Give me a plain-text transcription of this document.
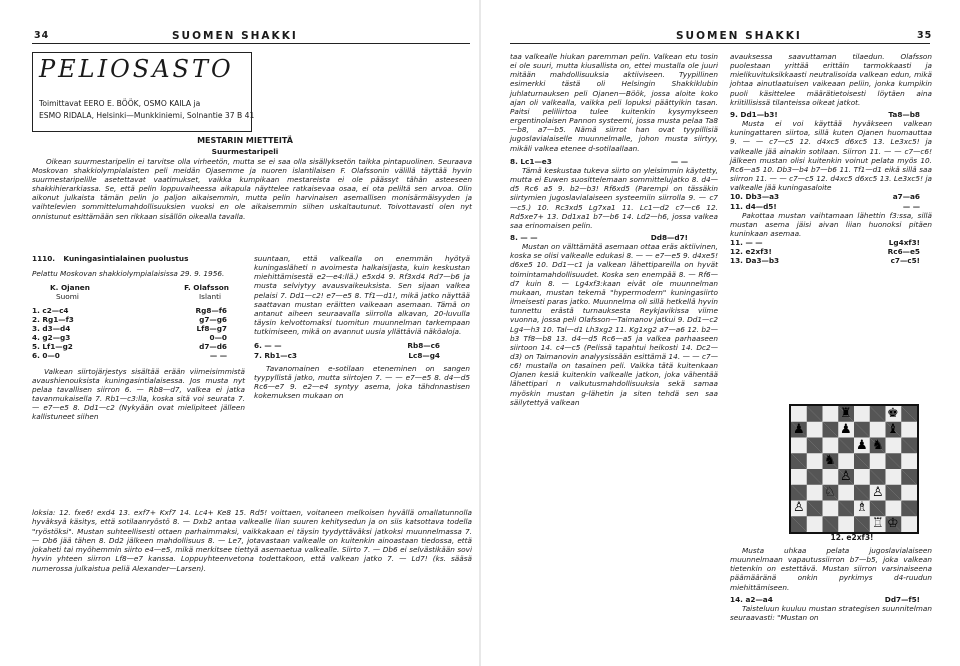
34	SUOMEN SHAKKI
PELIOSASTO
Toimittavat EERO E. BÖÖK, OSMO KAILA ja
ESMO RIDALA, Helsinki—Munkkiniemi, Solnantie 37 B 41
MESTARIN MIETTEITÄ
Suurmestaripeli
Oikean suurmestaripelin ei tarvitse olla virheetön, mutta se ei saa olla sisällyksetön taikka pintapuolinen. Seuraava Moskovan shakkiolympialaisten peli meidän Ojasemme ja nuoren islantilaisen F. Olafssonin välillä täyttää hyvin suurmestaripelille asetettavat vaatimukset, vaikka kumpikaan mestareista ei ole päässyt tähän asteeseen shakkihierarkiassa. Se, että pelin loppuvaiheessa aikapula näyttelee ratkaisevaa osaa, ei ota peliltä sen arvoa. Olin aikonut julkaista tämän pelin jo paljon aikaisemmin, mutta pelin harvinaisen asemallisen monisärmäisyyden ja vaihtelevien sommittelumahdollisuuksien vuoksi en ole aikaisemmin siihen uskaltautunut. Toivottavasti olen nyt onnistunut esittämään sen rikkaan sisällön oikealla tavalla.
1110. Kuningasintialainen puolustus

Pelattu Moskovan shakkiolympialaisissa 29. 9. 1956.

K. Ojanen	F. Olafsson
Suomi	Islanti
1. c2—c4	Rg8—f6
2. Rg1—f3	g7—g6
3. d3—d4	Lf8—g7
4. g2—g3	0—0
5. Lf1—g2	d7—d6
6. 0—0	— —

Valkean siirtojärjestys sisältää erään viimeisimmistä avaushienouksista kuningasintialaisessa. Jos musta nyt pelaa tavallisen siirron 6. — Rb8—d7, valkea ei jatka tavanmukaisella 7. Rb1—c3:lla, koska sitä voi seurata 7. — e7—e5 8. Dd1—c2 (Nykyään ovat mielipiteet jälleen kallistuneet siihen

suuntaan, että valkealla on enemmän hyötyä kuningasläheti n avoimesta halkaisijasta, kuin keskustan miehittämisestä e2—e4:llä.) e5xd4 9. Rf3xd4 Rd7—b6 ja musta selviytyy avausvaikeuksista. Sen sijaan valkea pelaisi 7. Dd1—c2! e7—e5 8. Tf1—d1!, mikä jatko näyttää saattavan mustan eräitten vaikeaan asemaan. Tämä on antanut aiheen seuraavalla siirrolla alkavan, 20-luvulla täysin kelvottomaksi tuomitun muunnelman tarkempaan tutkimiseen, mikä on avannut uusia yllättäviä näköaloja.

6. — —	Rb8—c6
7. Rb1—c3	Lc8—g4

Tavanomainen e-sotilaan eteneminen on sangen tyypyllistä jatko, mutta siirtojen 7. — — e7—e5 8. d4—d5 Rc6—e7 9. e2—e4 syntyy asema, joka tähdnnastisen kokemuksen mukaan on

loksia: 12. fxe6! exd4 13. exf7+ Kxf7 14. Lc4+ Ke8 15. Rd5! voittaen, voitaneen melkoisen hyvällä omallatunnolla hyväksyä käsitys, että sotilaanryöstö 8. — Dxb2 antaa valkealle liian suuren kehitysedun ja on siis katsottava todella "ryöstöksi". Mustan suhteellisesti ottaen parhaimmaksi, vaikkakaan ei täysin tyydyttäväksi jatkoksi muunnelmassa 7. — Db6 jää tähen 8. Dd2 jälkeen mahdollisuus 8. — Le7, jotavastaan valkealle on kuitenkin ainoastaan tiedossa, että jokaheti tai myöhemmin siirto e4—e5, mikä merkitsee tiettyä asemaetua valkealle. Siirto 7. — Db6 ei selvästikään sovi hyvin yhteen siirron Lf8—e7 kanssa. Loppuyhteenvetona todettakoon, että valkean jatko 7. — Ld7! (ks. sääsä numerossa julkaistua peliä Alexander—Larsen).

SUOMEN SHAKKI	35

taa valkealle hiukan paremman pelin. Valkean etu tosin ei ole suuri, mutta kiusallista on, ettei mustalla ole juuri mitään mahdollisuuksia aktiiviseen. Tyypillinen esimerkki tästä oli Helsingin Shakkiklubin juhlaturnauksen peli Ojanen—Böök, jossa aloite koko ajan oli valkealla, vaikka peli lopuksi päättyikin tasan. Paitsi peliliirtoa tulee kuitenkin kysymykseen ergentinolaisen Pannon systeemi, jossa musta pelaa Ta8—b8, a7—b5. Nämä siirrot han ovat tyypillisiä jugoslavialaiselle muunnelmalle, johon musta siirtyy, mikäli valkea etenee d-sotilaallaan.

8. Lc1—e3	— —

Tämä keskustaa tukeva siirto on yleisimmin käytetty, mutta ei Euwen suosittelemaan sommittelujatko 8. d4—d5 Rc6 a5 9. b2—b3! Rf6xd5 (Parempi on tässäkin siirtymien jugoslavialaiseen systeemiin siirrolla 9. — c7—c5.) 10. Rc3xd5 Lg7xa1 11. Lc1—d2 c7—c6 12. Rd5xe7+ 13. Dd1xa1 b7—b6 14. Ld2—h6, jossa valkea saa erinomaisen pelin.

8. — —	Dd8—d7!

Mustan on välttämätä asemaan ottaa eräs aktiivinen, koska se olisi valkealle edukasi 8. — — e7—e5 9. d4xe5! d6xe5 10. Dd1—c1 ja valkean lähettipareilla on hyvät toimintamahdollisuudet. Koska sen enempää 8. — Rf6—d7 kuin 8. — Lg4xf3:kaan eivät ole muunnelman mukaan, mustan tekemä "hypermodern" kuningasiirto ilmeisesti paras jatko. Muunnelma oli sillä hetkellä hyvin tunnettu erästä turnauksesta Reykjavikissa viime vuonna, jossa peli Olafsson—Taimanov jatkui 9. Dd1—c2 Lg4—h3 10. Tal—d1 Lh3xg2 11. Kg1xg2 a7—a6 12. b2—b3 Tf8—b8 13. d4—d5 Rc6—a5 ja valkea parhaaseen siirtoon 14. c4—c5 (Pelissä tapahtui heikosti 14. Dc2—d3) on Taimanovin analyysissään esittämä 14. — — c7—c6! mustalla on tasainen peli. Vaikka tätä kuitenkaan Ojanen kesiä kuitenkin valkealle jatkon, joka vähentää lähettipari n vaikutusmahdollisuuksia sekä samaa myöskin mustan g-lähetin ja siten tehdä sen saa säilytettyä valkean

avauksessa saavuttaman tilaedun. Olafsson puolestaan yrittää erittäin tarmokkaasti ja mielikuvituksikkaasti neutralisoida valkean edun, mikä johtaa ainutlaatuisen vaikeaan peliin, jonka kumpikin puoli käsittelee määrätietoisesti löytäen aina kriitillisissä tilanteissa oikeat jatkot.

9. Dd1—b3!	Ta8—b8

Musta ei voi käyttää hyväkseen valkean kuningattaren siirtoa, sillä kuten Ojanen huomauttaa 9. — — c7—c5 12. d4xc5 d6xc5 13. Le3xc5! ja valkealle jää ainakin sotilaan. Siirron 11. — — c7—c6! jälkeen mustan olisi kuitenkin voinut pelata myös 10. Rc6—a5 10. Db3—b4 b7—b6 11. Tf1—d1 eikä sillä saa siirron 11. — — c7—c5 12. d4xc5 d6xc5 13. Le3xc5! ja valkealle jää kuningasaloite

10. Db3—a3	a7—a6
11. d4—d5!	— —

Pakottaa mustan vaihtamaan lähettin f3:ssa, sillä mustan asema jäisi aivan liian huonoksi pitäen kuninkaan asemaa.

11. — —	Lg4xf3!
12. e2xf3!	Rc6—e5
13. Da3—b3	c7—c5!
♜	♚
♟	♟
♟ ♞
♝
♞
♙
♙
♘
♗
♙
♖ ♔
12. e2xf3!

Musta uhkaa pelata jugoslavialaiseen muunnelmaan vapautussiirron b7—b5, joka valkean tietenkin on estettävä. Mustan siirron varsinaiseena päämääränä onkin pyrkimys d4-ruudun miehittämiseen.

14. a2—a4	Dd7—f5!

Taisteluun kuuluu mustan strategisen suunnitelman seuraavasti: "Mustan on
